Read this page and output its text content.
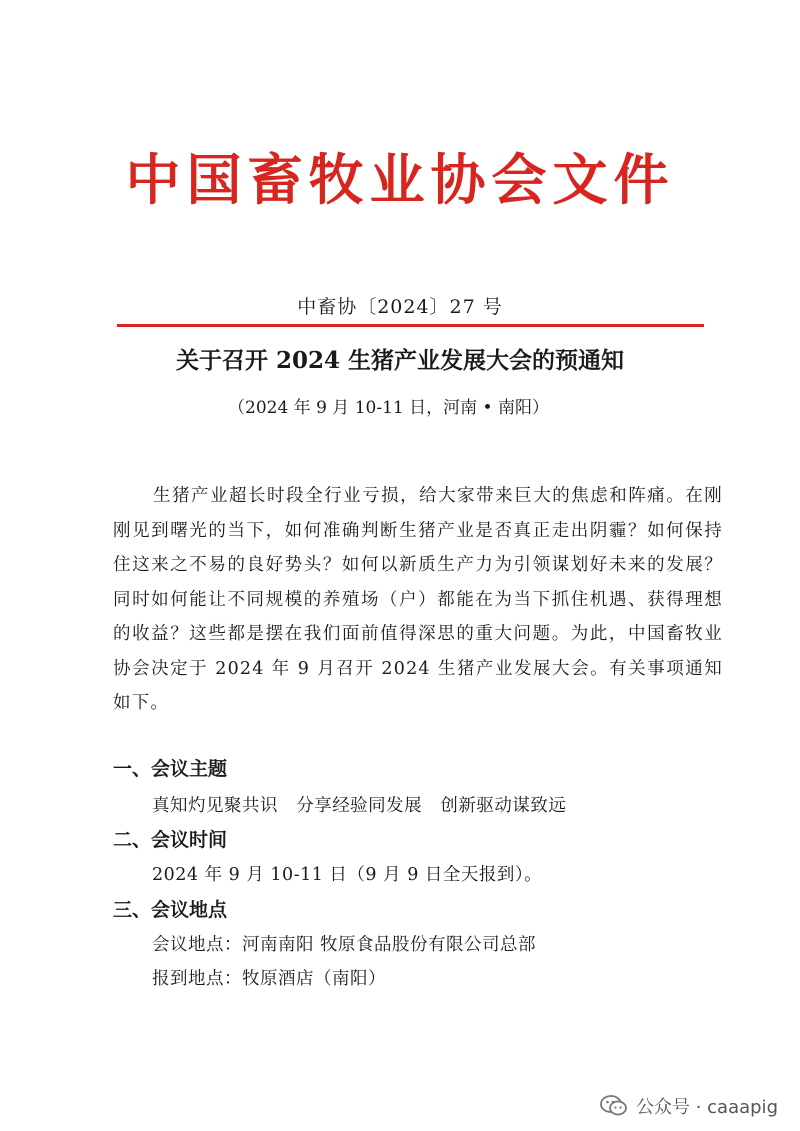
中国畜牧业协会文件
中畜协〔2024〕27 号
关于召开 2024 生猪产业发展大会的预通知
（2024 年 9 月 10-11 日，河南 • 南阳）

生猪产业超长时段全行业亏损，给大家带来巨大的焦虑和阵痛。在刚刚见到曙光的当下，如何准确判断生猪产业是否真正走出阴霾？如何保持住这来之不易的良好势头？如何以新质生产力为引领谋划好未来的发展？同时如何能让不同规模的养殖场（户）都能在为当下抓住机遇、获得理想的收益？这些都是摆在我们面前值得深思的重大问题。为此，中国畜牧业协会决定于 2024 年 9 月召开 2024 生猪产业发展大会。有关事项通知如下。

一、会议主题
真知灼见聚共识   分享经验同发展   创新驱动谋致远
二、会议时间
2024 年 9 月 10-11 日（9 月 9 日全天报到）。
三、会议地点
会议地点：河南南阳 牧原食品股份有限公司总部
报到地点：牧原酒店（南阳）
公众号 · caaapig
